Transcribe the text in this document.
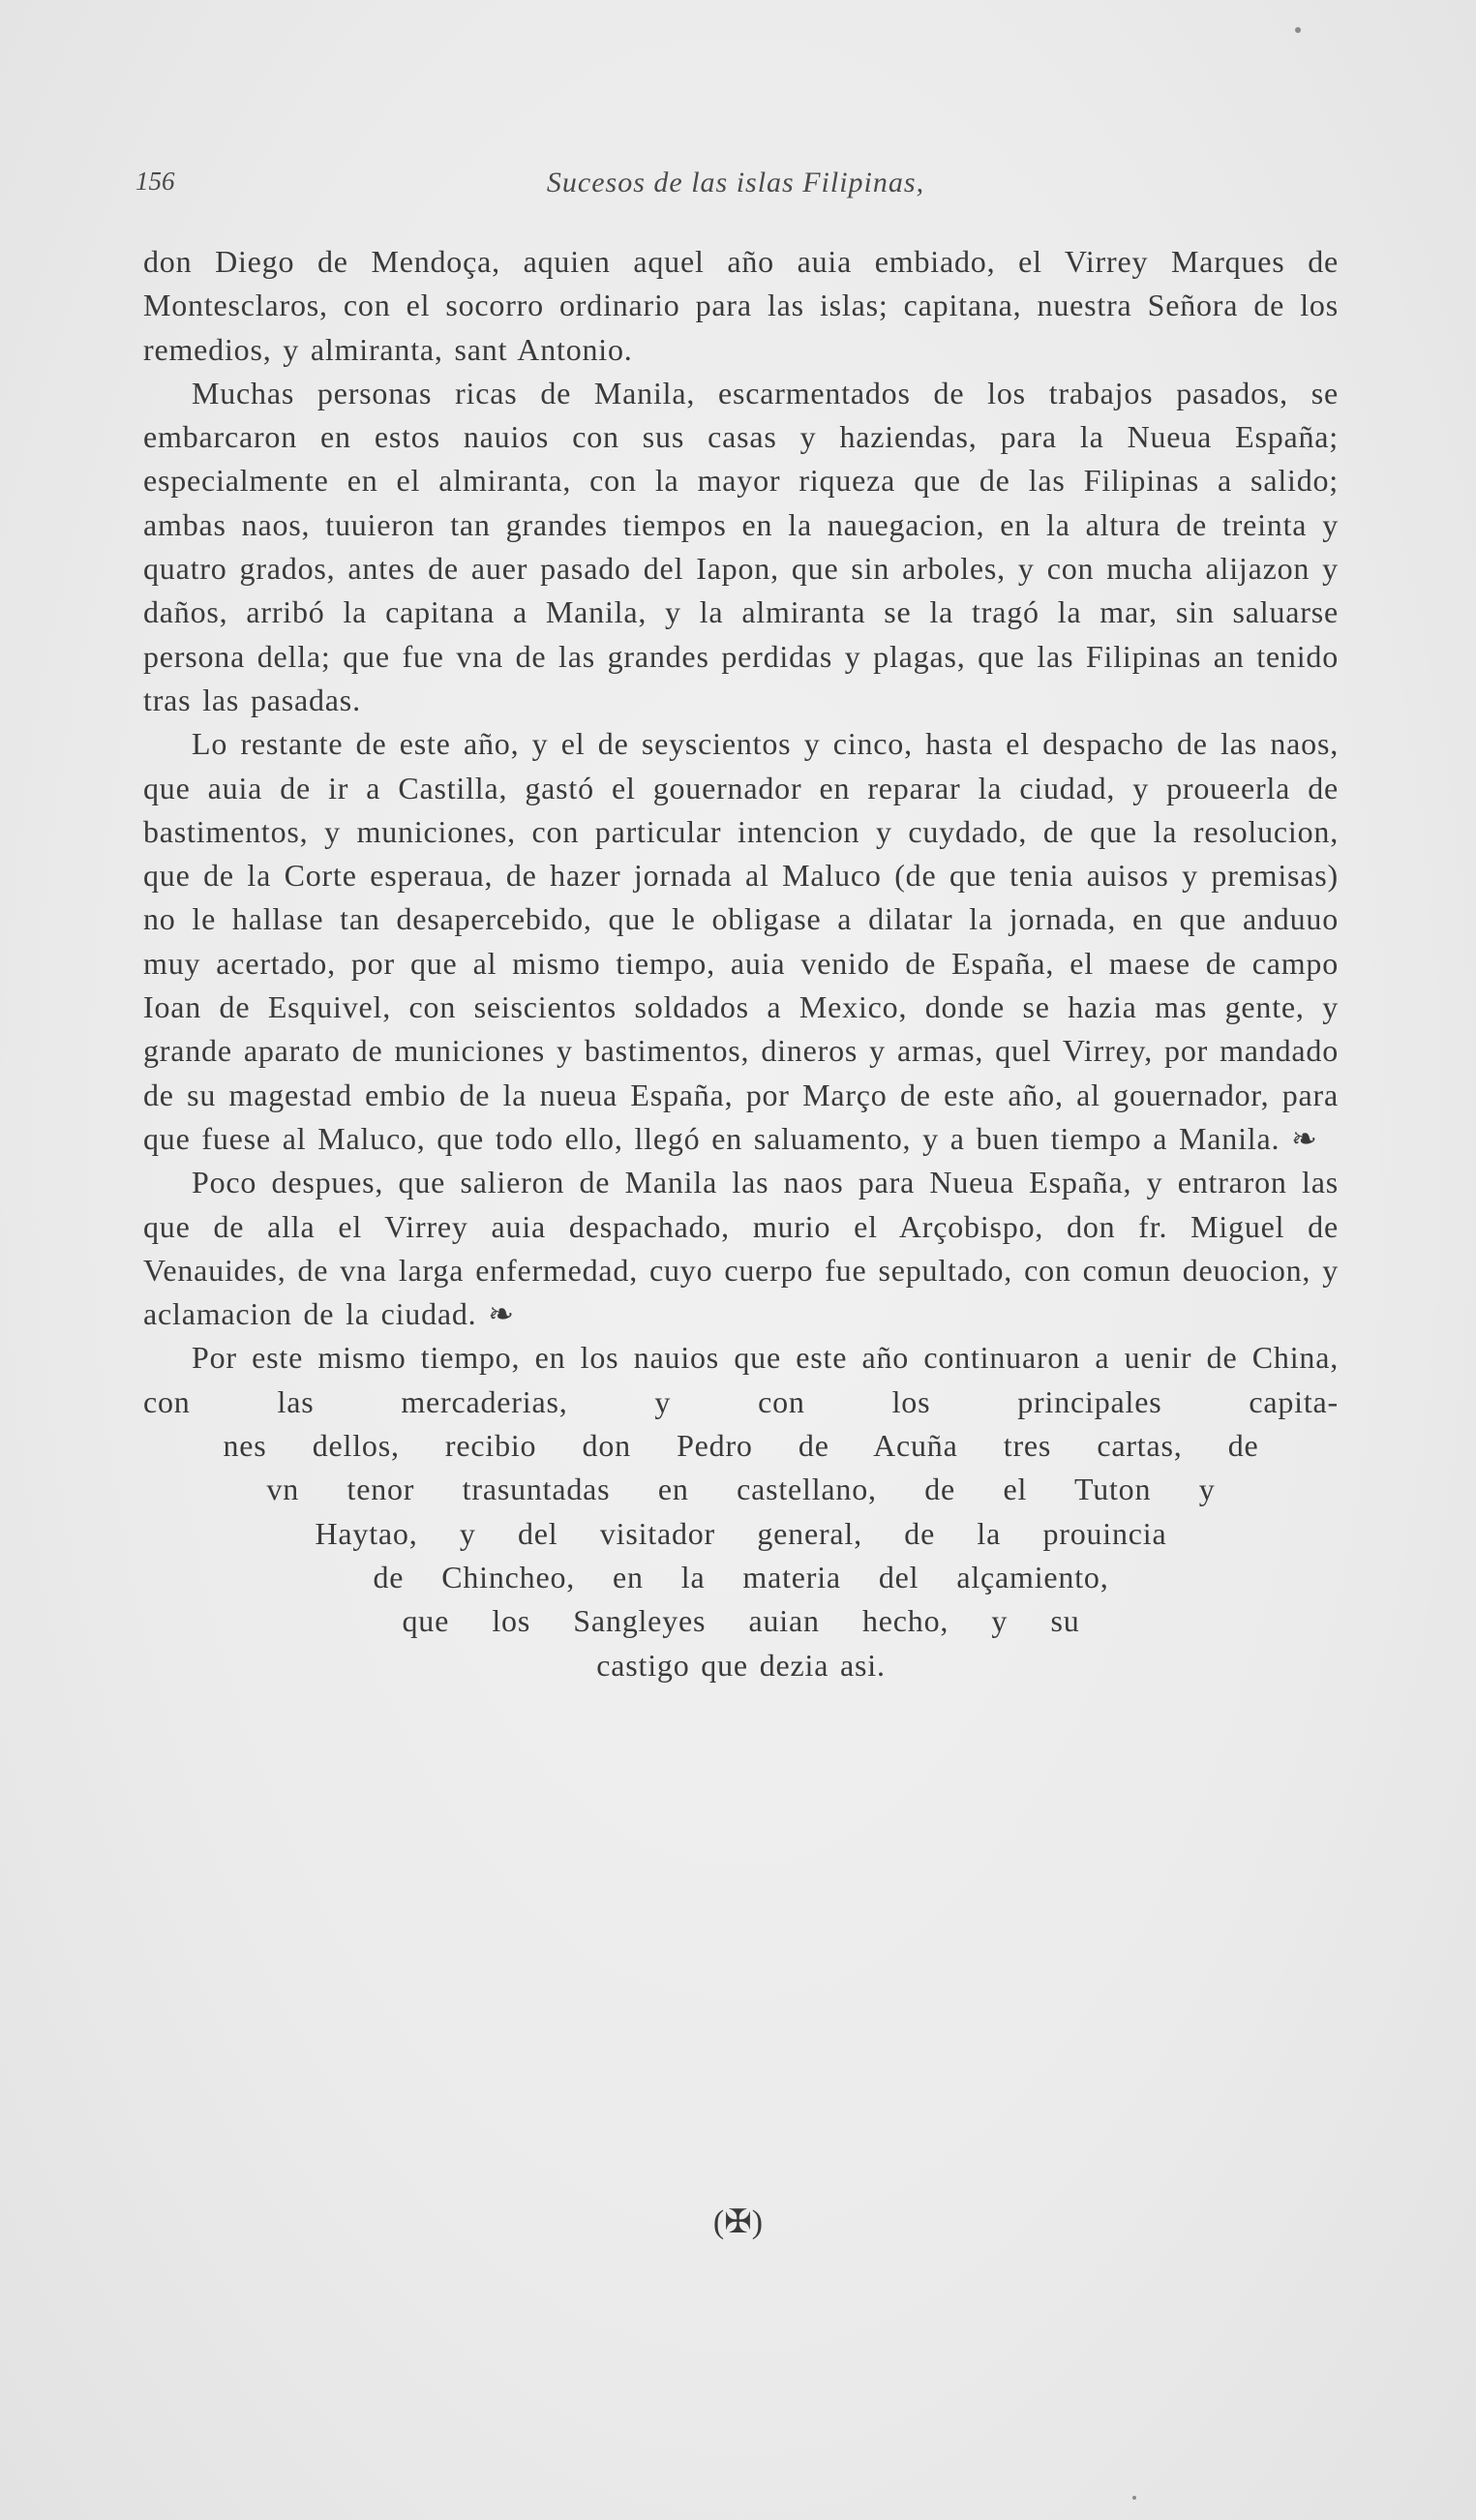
156	Sucesos de las islas Filipinas,

don Diego de Mendoça, aquien aquel año auia embiado, el Virrey Marques de Montesclaros, con el socorro ordinario para las islas; capitana, nuestra Señora de los remedios, y almiranta, sant Antonio.

Muchas personas ricas de Manila, escarmentados de los trabajos pasados, se embarcaron en estos nauios con sus casas y haziendas, para la Nueua España; especialmente en el almiranta, con la mayor riqueza que de las Filipinas a salido; ambas naos, tuuieron tan grandes tiempos en la nauegacion, en la altura de treinta y quatro grados, antes de auer pasado del Iapon, que sin arboles, y con mucha alijazon y daños, arribó la capitana a Manila, y la almiranta se la tragó la mar, sin saluarse persona della; que fue vna de las grandes perdidas y plagas, que las Filipinas an tenido tras las pasadas.

Lo restante de este año, y el de seyscientos y cinco, hasta el despacho de las naos, que auia de ir a Castilla, gastó el gouernador en reparar la ciudad, y proueerla de bastimentos, y municiones, con particular intencion y cuydado, de que la resolucion, que de la Corte esperaua, de hazer jornada al Maluco (de que tenia auisos y premisas) no le hallase tan desapercebido, que le obligase a dilatar la jornada, en que anduuo muy acertado, por que al mismo tiempo, auia venido de España, el maese de campo Ioan de Esquivel, con seiscientos soldados a Mexico, donde se hazia mas gente, y grande aparato de municiones y bastimentos, dineros y armas, quel Virrey, por mandado de su magestad embio de la nueua España, por Março de este año, al gouernador, para que fuese al Maluco, que todo ello, llegó en saluamento, y a buen tiempo a Manila. ❧

Poco despues, que salieron de Manila las naos para Nueua España, y entraron las que de alla el Virrey auia despachado, murio el Arçobispo, don fr. Miguel de Venauides, de vna larga enfermedad, cuyo cuerpo fue sepultado, con comun deuocion, y aclamacion de la ciudad. ❧

Por este mismo tiempo, en los nauios que este año continuaron a uenir de China, con las mercaderias, y con los principales capita-
nes dellos, recibio don Pedro de Acuña tres cartas, de
vn tenor trasuntadas en castellano, de el Tuton y
Haytao, y del visitador general, de la prouincia
de Chincheo, en la materia del alçamiento,
que los Sangleyes auian hecho, y su
castigo que dezia asi.
(✠)
